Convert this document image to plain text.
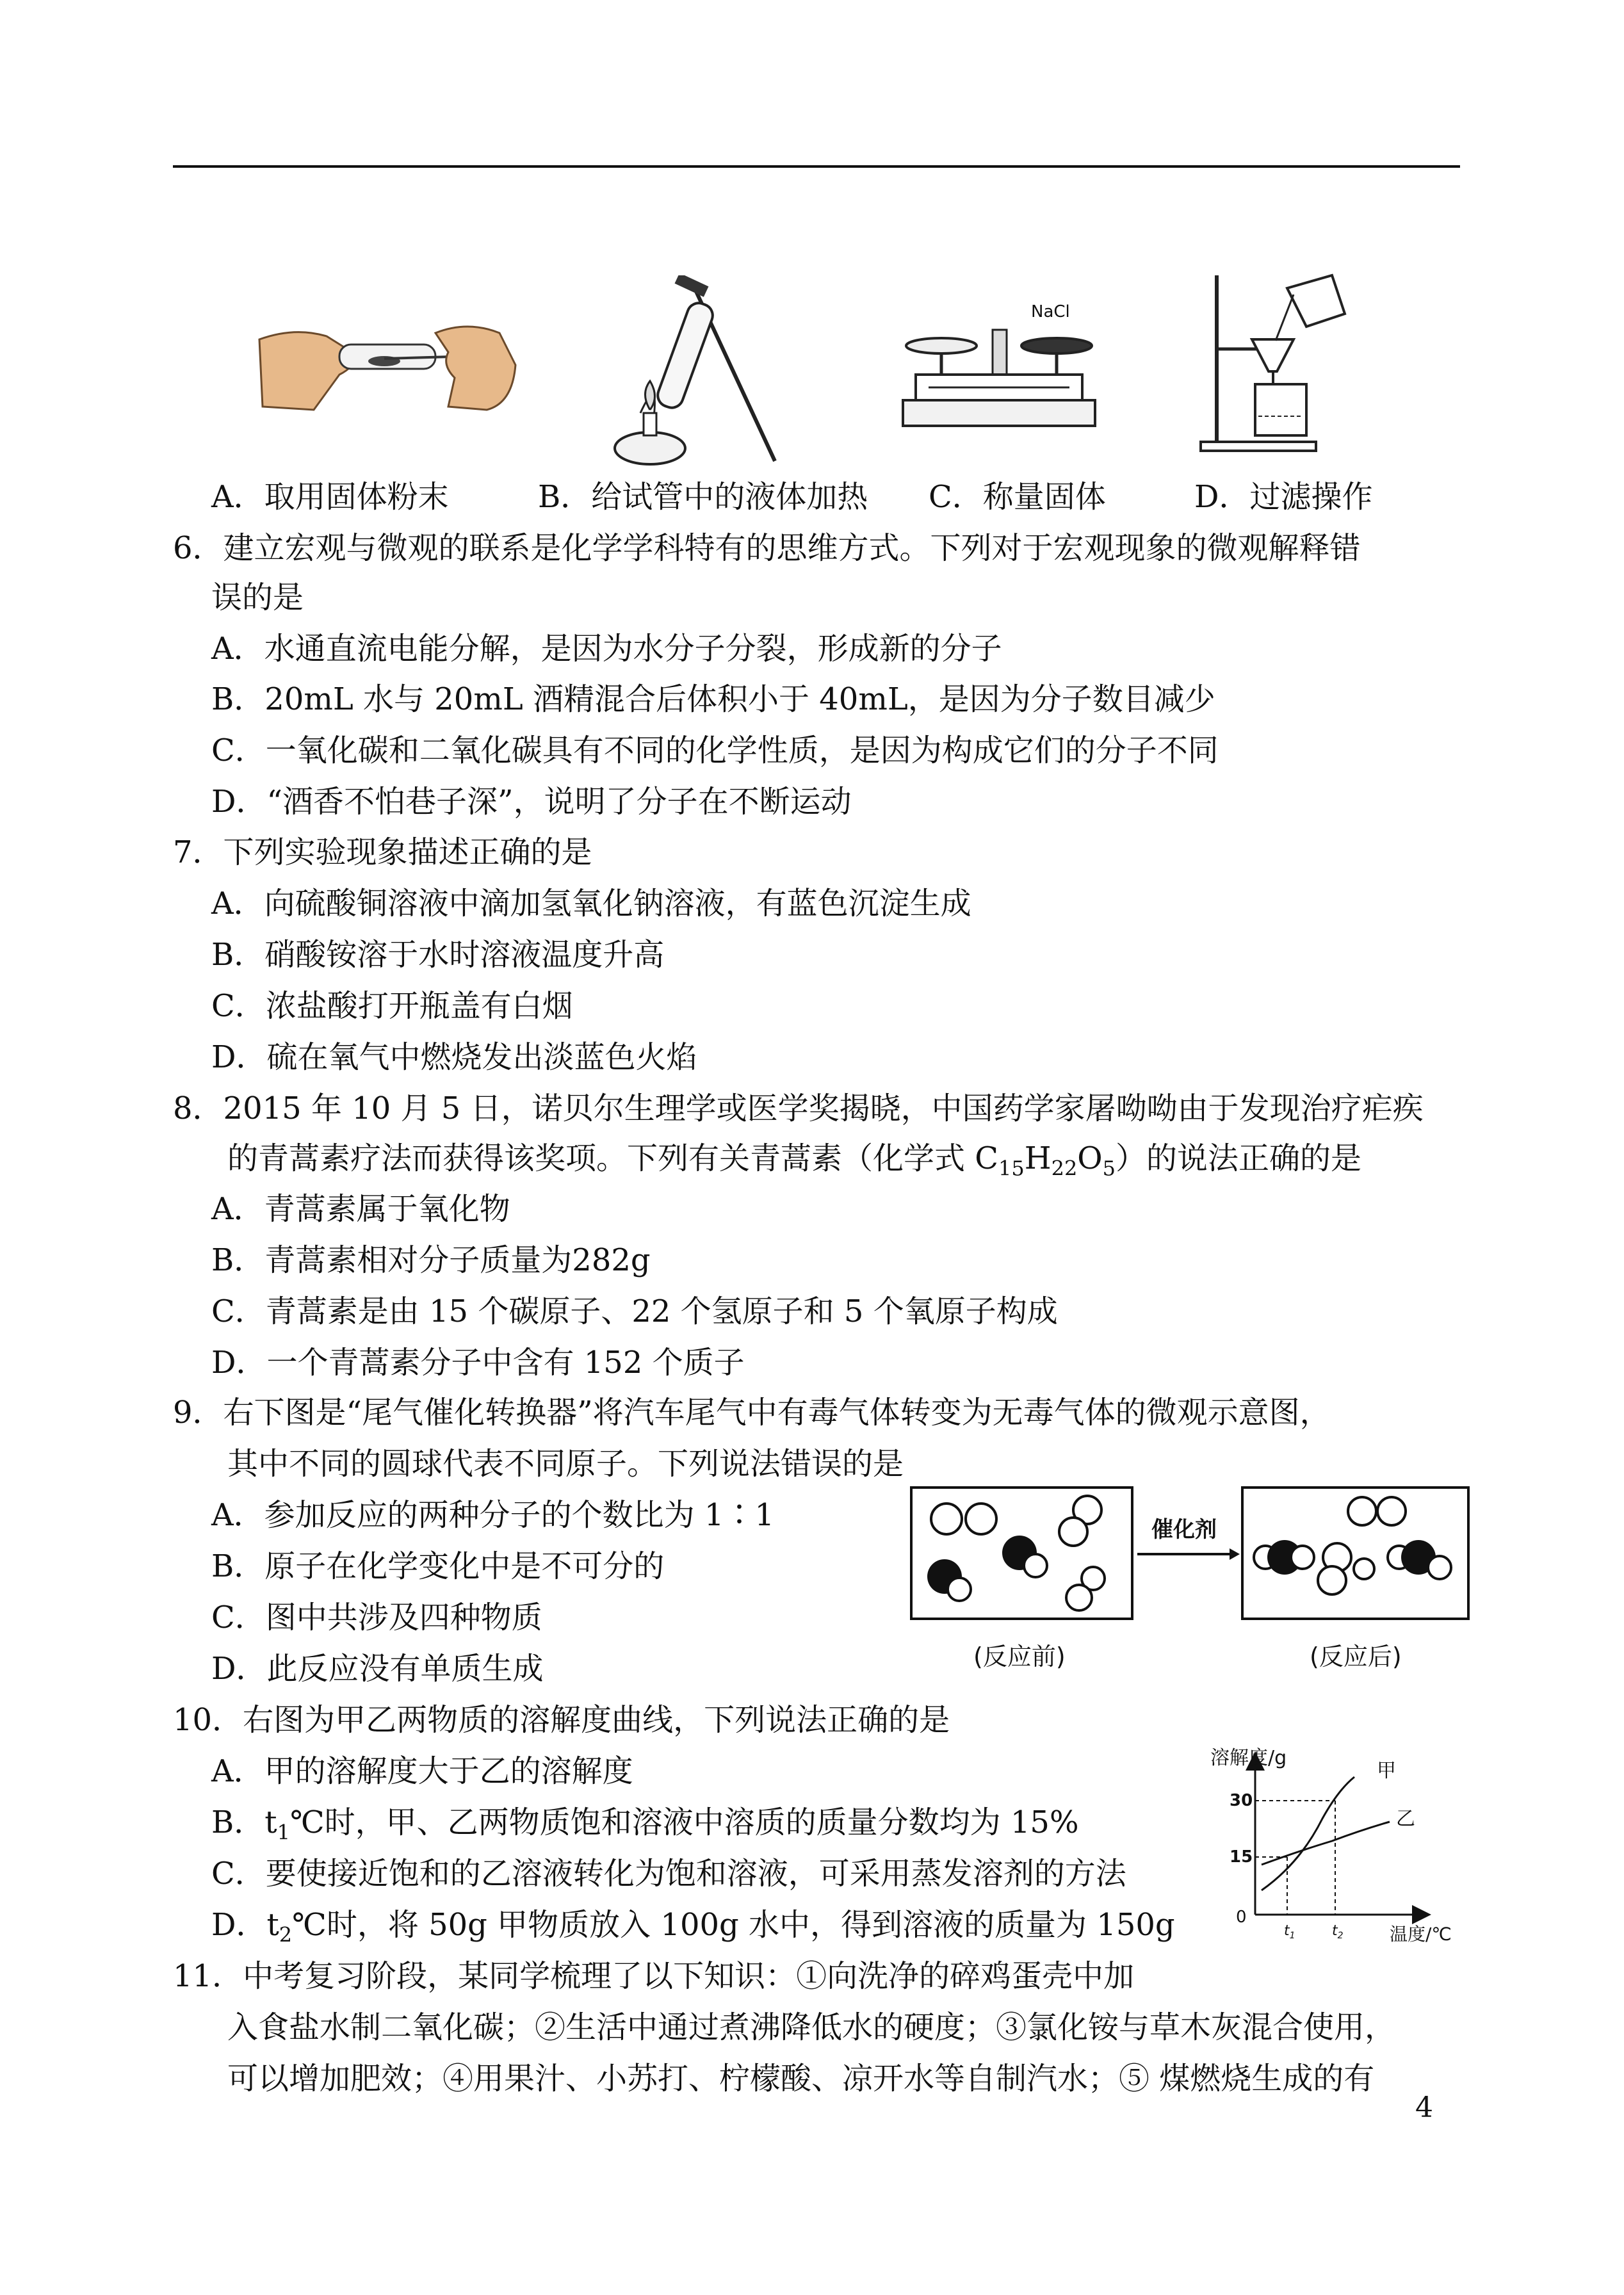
NaCl
A．取用固体粉末	B．给试管中的液体加热 C．称量固体	D．过滤操作
6．建立宏观与微观的联系是化学学科特有的思维方式。下列对于宏观现象的微观解释错
误的是
A．水通直流电能分解，是因为水分子分裂，形成新的分子
B．20mL 水与 20mL 酒精混合后体积小于 40mL，是因为分子数目减少
C．一氧化碳和二氧化碳具有不同的化学性质，是因为构成它们的分子不同
D．“酒香不怕巷子深”，说明了分子在不断运动
7．下列实验现象描述正确的是
A．向硫酸铜溶液中滴加氢氧化钠溶液，有蓝色沉淀生成
B．硝酸铵溶于水时溶液温度升高
C．浓盐酸打开瓶盖有白烟
D．硫在氧气中燃烧发出淡蓝色火焰
8．2015 年 10 月 5 日，诺贝尔生理学或医学奖揭晓，中国药学家屠呦呦由于发现治疗疟疾
的青蒿素疗法而获得该奖项。下列有关青蒿素（化学式 $C_{15}H_{22}O_5$）的说法正确的是
A．青蒿素属于氧化物
B．青蒿素相对分子质量为282g
C．青蒿素是由 15 个碳原子、22 个氢原子和 5 个氧原子构成
D．一个青蒿素分子中含有 152 个质子
9．右下图是“尾气催化转换器”将汽车尾气中有毒气体转变为无毒气体的微观示意图，
其中不同的圆球代表不同原子。下列说法错误的是
A．参加反应的两种分子的个数比为 1∶1
B．原子在化学变化中是不可分的
C．图中共涉及四种物质
D．此反应没有单质生成
催化剂
(反应前)	(反应后)
10．右图为甲乙两物质的溶解度曲线，下列说法正确的是
A．甲的溶解度大于乙的溶解度
B．$t_1℃$时，甲、乙两物质饱和溶液中溶质的质量分数均为 15%
C．要使接近饱和的乙溶液转化为饱和溶液，可采用蒸发溶剂的方法
D．$t_2℃$时，将 50g 甲物质放入 100g 水中，得到溶液的质量为 150g
溶解度/g
温度/℃
0
15
30
$t_1$	$t_2$
甲
乙
11．中考复习阶段，某同学梳理了以下知识：①向洗净的碎鸡蛋壳中加
入食盐水制二氧化碳；②生活中通过煮沸降低水的硬度；③氯化铵与草木灰混合使用，
可以增加肥效；④用果汁、小苏打、柠檬酸、凉开水等自制汽水；⑤ 煤燃烧生成的有
4
